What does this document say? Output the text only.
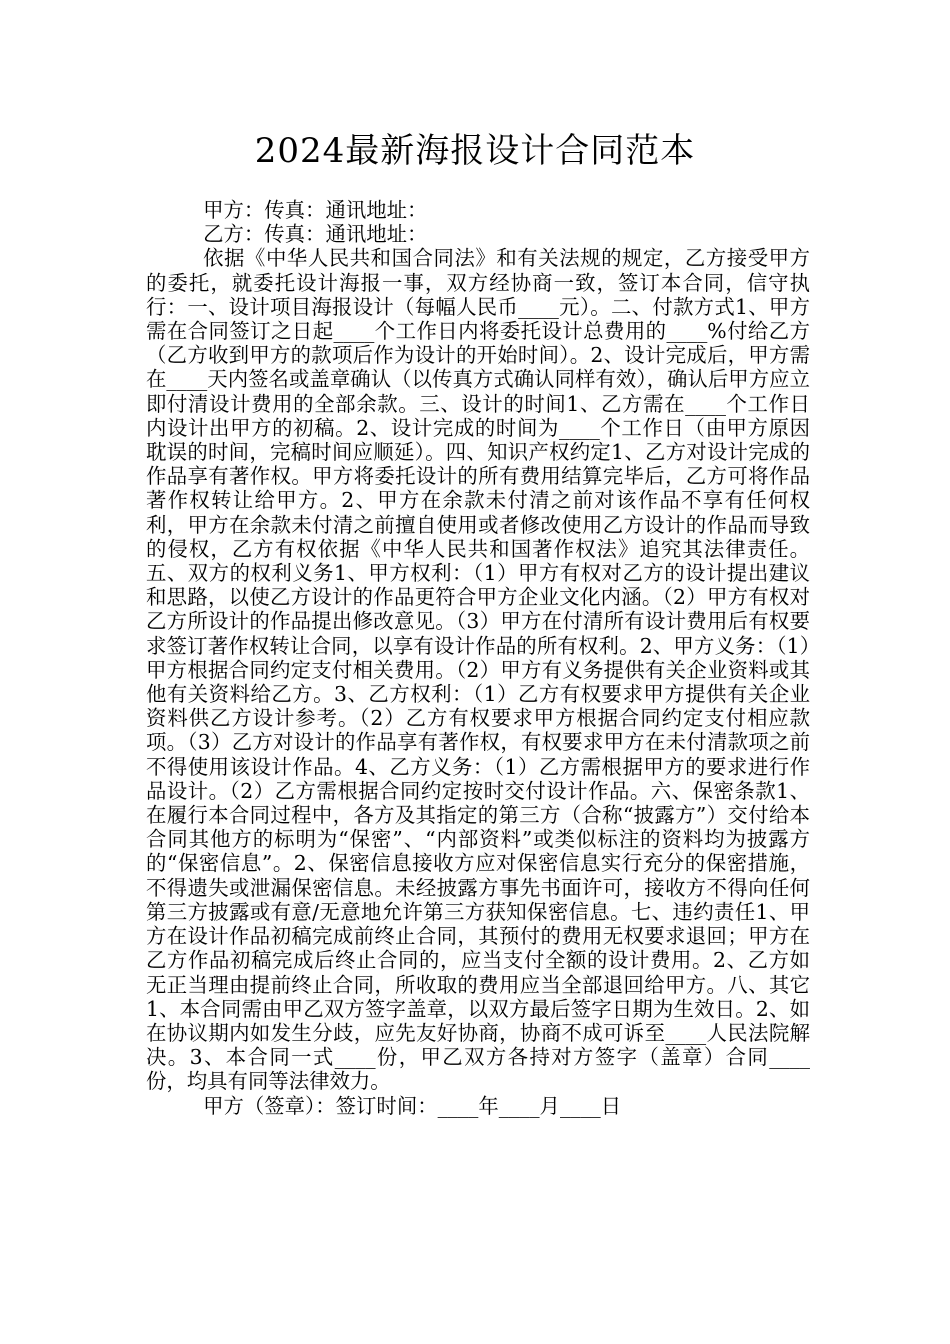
2024最新海报设计合同范本

甲方：传真：通讯地址：

乙方：传真：通讯地址：

依据《中华人民共和国合同法》和有关法规的规定，乙方接受甲方的委托，就委托设计海报一事，双方经协商一致，签订本合同，信守执行：一、设计项目海报设计（每幅人民币____元）。二、付款方式1、甲方需在合同签订之日起____个工作日内将委托设计总费用的____%付给乙方（乙方收到甲方的款项后作为设计的开始时间）。2、设计完成后，甲方需在____天内签名或盖章确认（以传真方式确认同样有效），确认后甲方应立即付清设计费用的全部余款。三、设计的时间1、乙方需在____个工作日内设计出甲方的初稿。2、设计完成的时间为____个工作日（由甲方原因耽误的时间，完稿时间应顺延）。四、知识产权约定1、乙方对设计完成的作品享有著作权。甲方将委托设计的所有费用结算完毕后，乙方可将作品著作权转让给甲方。2、甲方在余款未付清之前对该作品不享有任何权利，甲方在余款未付清之前擅自使用或者修改使用乙方设计的作品而导致的侵权，乙方有权依据《中华人民共和国著作权法》追究其法律责任。五、双方的权利义务1、甲方权利：（1）甲方有权对乙方的设计提出建议和思路，以使乙方设计的作品更符合甲方企业文化内涵。（2）甲方有权对乙方所设计的作品提出修改意见。（3）甲方在付清所有设计费用后有权要求签订著作权转让合同，以享有设计作品的所有权利。2、甲方义务：（1）甲方根据合同约定支付相关费用。（2）甲方有义务提供有关企业资料或其他有关资料给乙方。3、乙方权利：（1）乙方有权要求甲方提供有关企业资料供乙方设计参考。（2）乙方有权要求甲方根据合同约定支付相应款项。（3）乙方对设计的作品享有著作权，有权要求甲方在未付清款项之前不得使用该设计作品。4、乙方义务：（1）乙方需根据甲方的要求进行作品设计。（2）乙方需根据合同约定按时交付设计作品。六、保密条款1、在履行本合同过程中，各方及其指定的第三方（合称“披露方”）交付给本合同其他方的标明为“保密”、“内部资料”或类似标注的资料均为披露方的“保密信息”。2、保密信息接收方应对保密信息实行充分的保密措施，不得遗失或泄漏保密信息。未经披露方事先书面许可，接收方不得向任何第三方披露或有意/无意地允许第三方获知保密信息。七、违约责任1、甲方在设计作品初稿完成前终止合同，其预付的费用无权要求退回；甲方在乙方作品初稿完成后终止合同的，应当支付全额的设计费用。2、乙方如无正当理由提前终止合同，所收取的费用应当全部退回给甲方。八、其它1、本合同需由甲乙双方签字盖章，以双方最后签字日期为生效日。2、如在协议期内如发生分歧，应先友好协商，协商不成可诉至____人民法院解决。3、本合同一式____份，甲乙双方各持对方签字（盖章）合同____份，均具有同等法律效力。

甲方（签章）：签订时间：____年____月____日
